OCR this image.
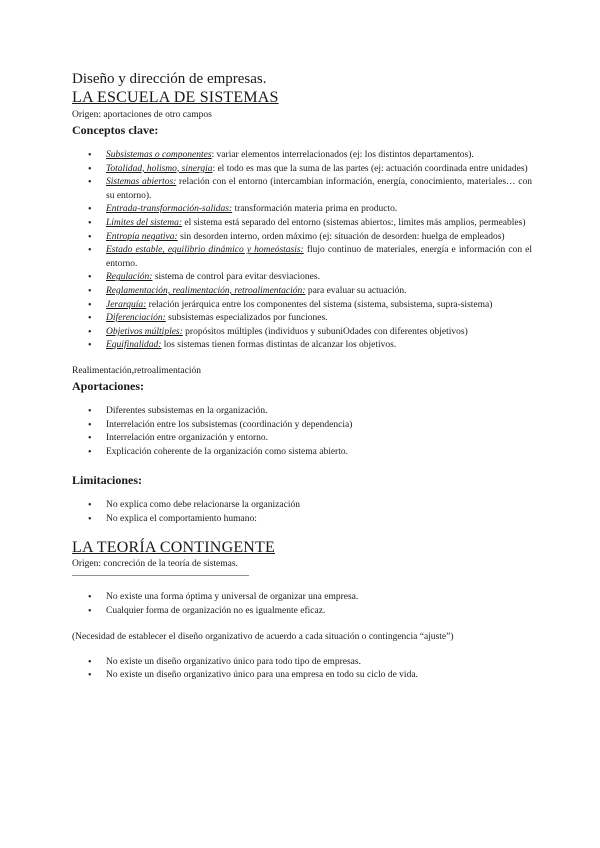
Diseño y dirección de empresas.

LA ESCUELA DE SISTEMAS

Origen: aportaciones de otro campos

Conceptos clave:

• Subsistemas o componentes: variar elementos interrelacionados (ej: los distintos departamentos).
• Totalidad, holismo, sinergia: el todo es mas que la suma de las partes (ej: actuación coordinada entre unidades)
• Sistemas abiertos: relación con el entorno (intercambian información, energía, conocimiento, materiales… con su entorno).
• Entrada-transformación-salidas: transformación materia prima en producto.
• Límites del sistema: el sistema está separado del entorno (sistemas abiertos:, límites más amplios, permeables)
• Entropía negativa: sin desorden interno, orden máximo (ej: situación de desorden: huelga de empleados)
• Estado estable, equilibrio dinámico y homeóstasis: flujo continuo de materiales, energía e información con el entorno.
• Regulación: sistema de control para evitar desviaciones.
• Reglamentación, realimentación, retroalimentación: para evaluar su actuación.
• Jerarquía: relación jerárquica entre los componentes del sistema (sistema, subsistema, supra-sistema)
• Diferenciación: subsistemas especializados por funciones.
• Objetivos múltiples: propósitos múltiples (individuos y subuniOdades con diferentes objetivos)
• Equifinalidad: los sistemas tienen formas distintas de alcanzar los objetivos.

Realimentación,retroalimentación

Aportaciones:

• Diferentes subsistemas en la organización.
• Interrelación entre los subsistemas (coordinación y dependencia)
• Interrelación entre organización y entorno.
• Explicación coherente de la organización como sistema abierto.

Limitaciones:

• No explica como debe relacionarse la organización
• No explica el comportamiento humano:

LA TEORÍA CONTINGENTE

Origen: concreción de la teoría de sistemas.

——————————————————————
• No existe una forma óptima y universal de organizar una empresa.
• Cualquier forma de organización no es igualmente eficaz.

(Necesidad de establecer el diseño organizativo de acuerdo a cada situación o contingencia “ajuste”)

• No existe un diseño organizativo único para todo tipo de empresas.
• No existe un diseño organizativo único para una empresa en todo su ciclo de vida.
